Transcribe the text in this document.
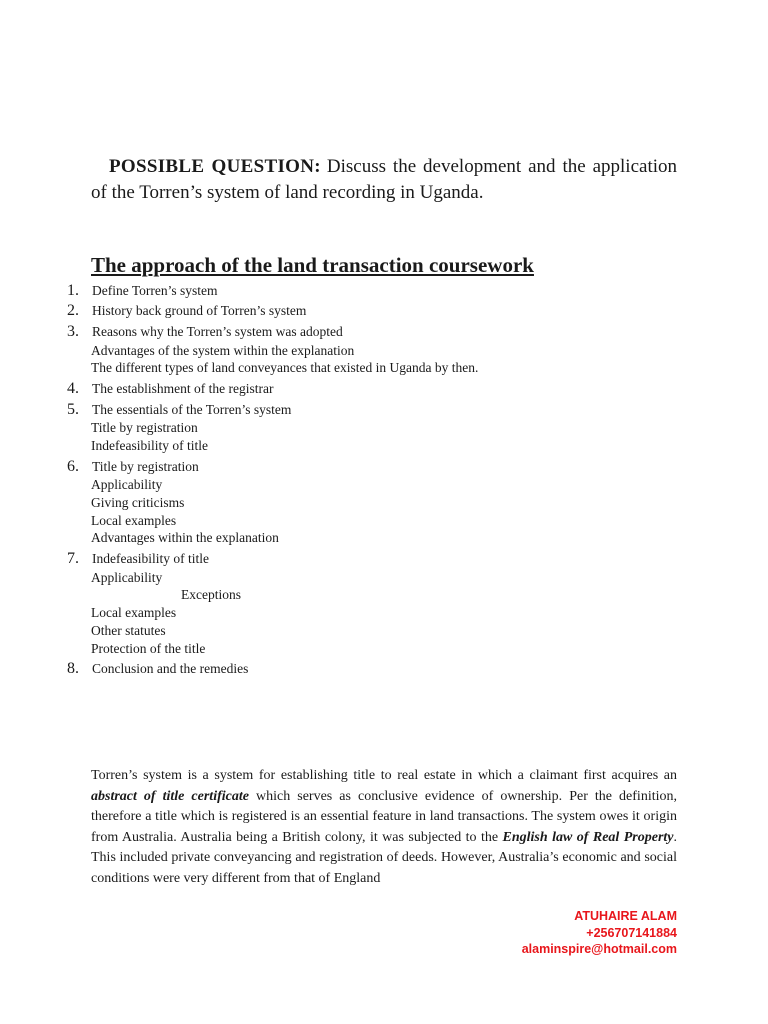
POSSIBLE QUESTION: Discuss the development and the application of the Torren’s system of land recording in Uganda.
The approach of the land transaction coursework
1. Define Torren’s system
2. History back ground of Torren’s system
3. Reasons why the Torren’s system was adopted
Advantages of the system within the explanation
The different types of land conveyances that existed in Uganda by then.
4. The establishment of the registrar
5. The essentials of the Torren’s system
Title by registration
Indefeasibility of title
6. Title by registration
Applicability
Giving criticisms
Local examples
Advantages within the explanation
7. Indefeasibility of title
Applicability
Exceptions
Local examples
Other statutes
Protection of the title
8. Conclusion and the remedies
Torren’s system is a system for establishing title to real estate in which a claimant first acquires an abstract of title certificate which serves as conclusive evidence of ownership. Per the definition, therefore a title which is registered is an essential feature in land transactions. The system owes it origin from Australia. Australia being a British colony, it was subjected to the English law of Real Property. This included private conveyancing and registration of deeds. However, Australia’s economic and social conditions were very different from that of England
ATUHAIRE ALAM
+256707141884
alaminspire@hotmail.com
